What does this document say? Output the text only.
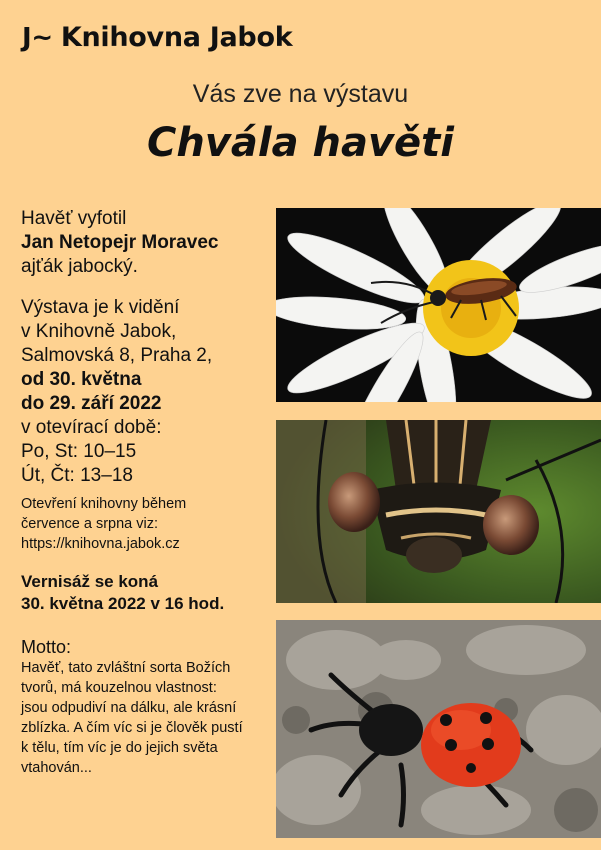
J~ Knihovna Jabok
Vás zve na výstavu
Chvála havěti
Havěť vyfotil
Jan Netopejr Moravec
ajťák jabocký.
Výstava je k vidění
v Knihovně Jabok,
Salmovská 8, Praha 2,
od 30. května
do 29. září 2022
v otevírací době:
Po, St: 10–15
Út, Čt: 13–18
Otevření knihovny během
července a srpna viz:
https://knihovna.jabok.cz
Vernisáž se koná
30. května 2022 v 16 hod.
Motto:
Havěť, tato zvláštní sorta Božích
tvorů, má kouzelnou vlastnost:
jsou odpudiví na dálku, ale krásní
zblízka. A čím víc si je člověk pustí
k tělu, tím víc je do jejich světa
vtahován...
